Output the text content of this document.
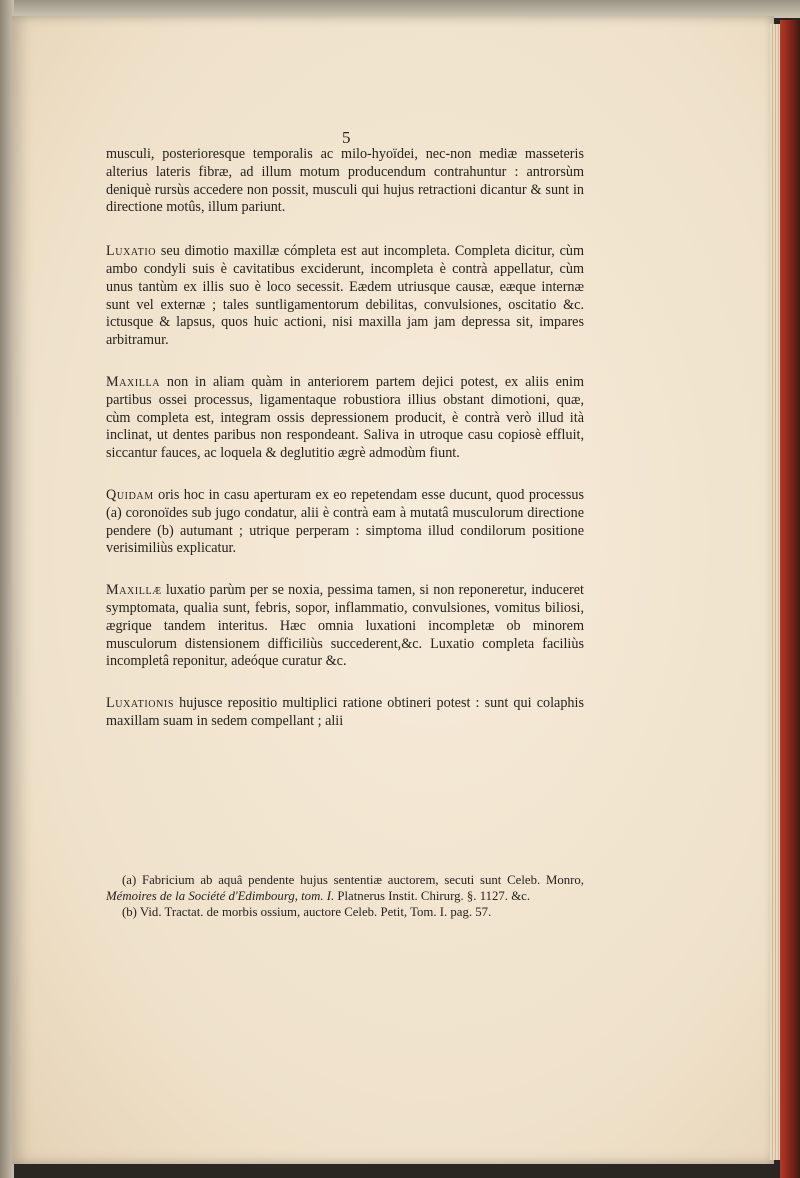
5

musculi, posterioresque temporalis ac milo-hyoïdei, nec-non mediæ masseteris alterius lateris fibræ, ad illum motum producendum contrahuntur : antrorsùm deniquè rursùs accedere non possit, musculi qui hujus retractioni dicantur & sunt in directione motûs, illum pariunt.

Luxatio seu dimotio maxillæ cómpleta est aut incompleta. Completa dicitur, cùm ambo condyli suis è cavitatibus exciderunt, incompleta è contrà appellatur, cùm unus tantùm ex illis suo è loco secessit. Eædem utriusque causæ, eæque internæ sunt vel externæ ; tales suntligamentorum debilitas, convulsiones, oscitatio &c. ictusque & lapsus, quos huic actioni, nisi maxilla jam jam depressa sit, impares arbitramur.

Maxilla non in aliam quàm in anteriorem partem dejici potest, ex aliis enim partibus ossei processus, ligamentaque robustiora illius obstant dimotioni, quæ, cùm completa est, integram ossis depressionem producit, è contrà verò illud ità inclinat, ut dentes paribus non respondeant. Saliva in utroque casu copiosè effluit, siccantur fauces, ac loquela & deglutitio ægrè admodùm fiunt.

Quidam oris hoc in casu aperturam ex eo repetendam esse ducunt, quod processus (a) coronoïdes sub jugo condatur, alii è contrà eam à mutatâ musculorum directione pendere (b) autumant ; utrique perperam : simptoma illud condilorum positione verisimiliùs explicatur.

Maxillæ luxatio parùm per se noxia, pessima tamen, si non reponeretur, induceret symptomata, qualia sunt, febris, sopor, inflammatio, convulsiones, vomitus biliosi, ægrique tandem interitus. Hæc omnia luxationi incompletæ ob minorem musculorum distensionem difficiliùs succederent,&c. Luxatio completa faciliùs incompletâ reponitur, adeóque curatur &c.

Luxationis hujusce repositio multiplici ratione obtineri potest : sunt qui colaphis maxillam suam in sedem compellant ; alii

(a) Fabricium ab aquâ pendente hujus sententiæ auctorem, secuti sunt Celeb. Monro, Mémoires de la Société d'Edimbourg, tom. I. Platnerus Instit. Chirurg. §. 1127. &c.

(b) Vid. Tractat. de morbis ossium, auctore Celeb. Petit, Tom. I. pag. 57.
